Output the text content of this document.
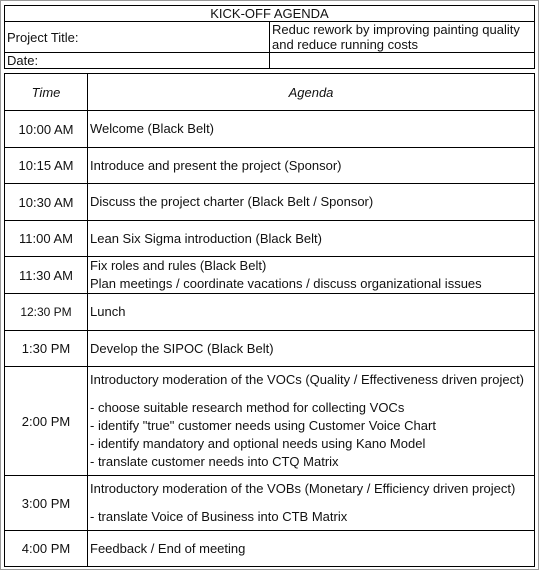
KICK-OFF AGENDA	
Project Title:	Reduc rework by improving painting quality and reduce running costs
Date:	
Time	Agenda
10:00 AM	Welcome (Black Belt)

10:15 AM	Introduce and present the project (Sponsor)

10:30 AM	Discuss the project charter (Black Belt / Sponsor)

11:00 AM	Lean Six Sigma introduction (Black Belt)

11:30 AM	Fix roles and rules (Black Belt)
Plan meetings / coordinate vacations / discuss organizational issues

12:30 PM	Lunch

1:30 PM	Develop the SIPOC (Black Belt)

2:00 PM	Introductory moderation of the VOCs (Quality / Effectiveness driven project)
- choose suitable research method for collecting VOCs
- identify "true" customer needs using Customer Voice Chart
- identify mandatory and optional needs using Kano Model
- translate customer needs into CTQ Matrix

3:00 PM	Introductory moderation of the VOBs (Monetary / Efficiency driven project)
- translate Voice of Business into CTB Matrix

4:00 PM	Feedback / End of meeting
